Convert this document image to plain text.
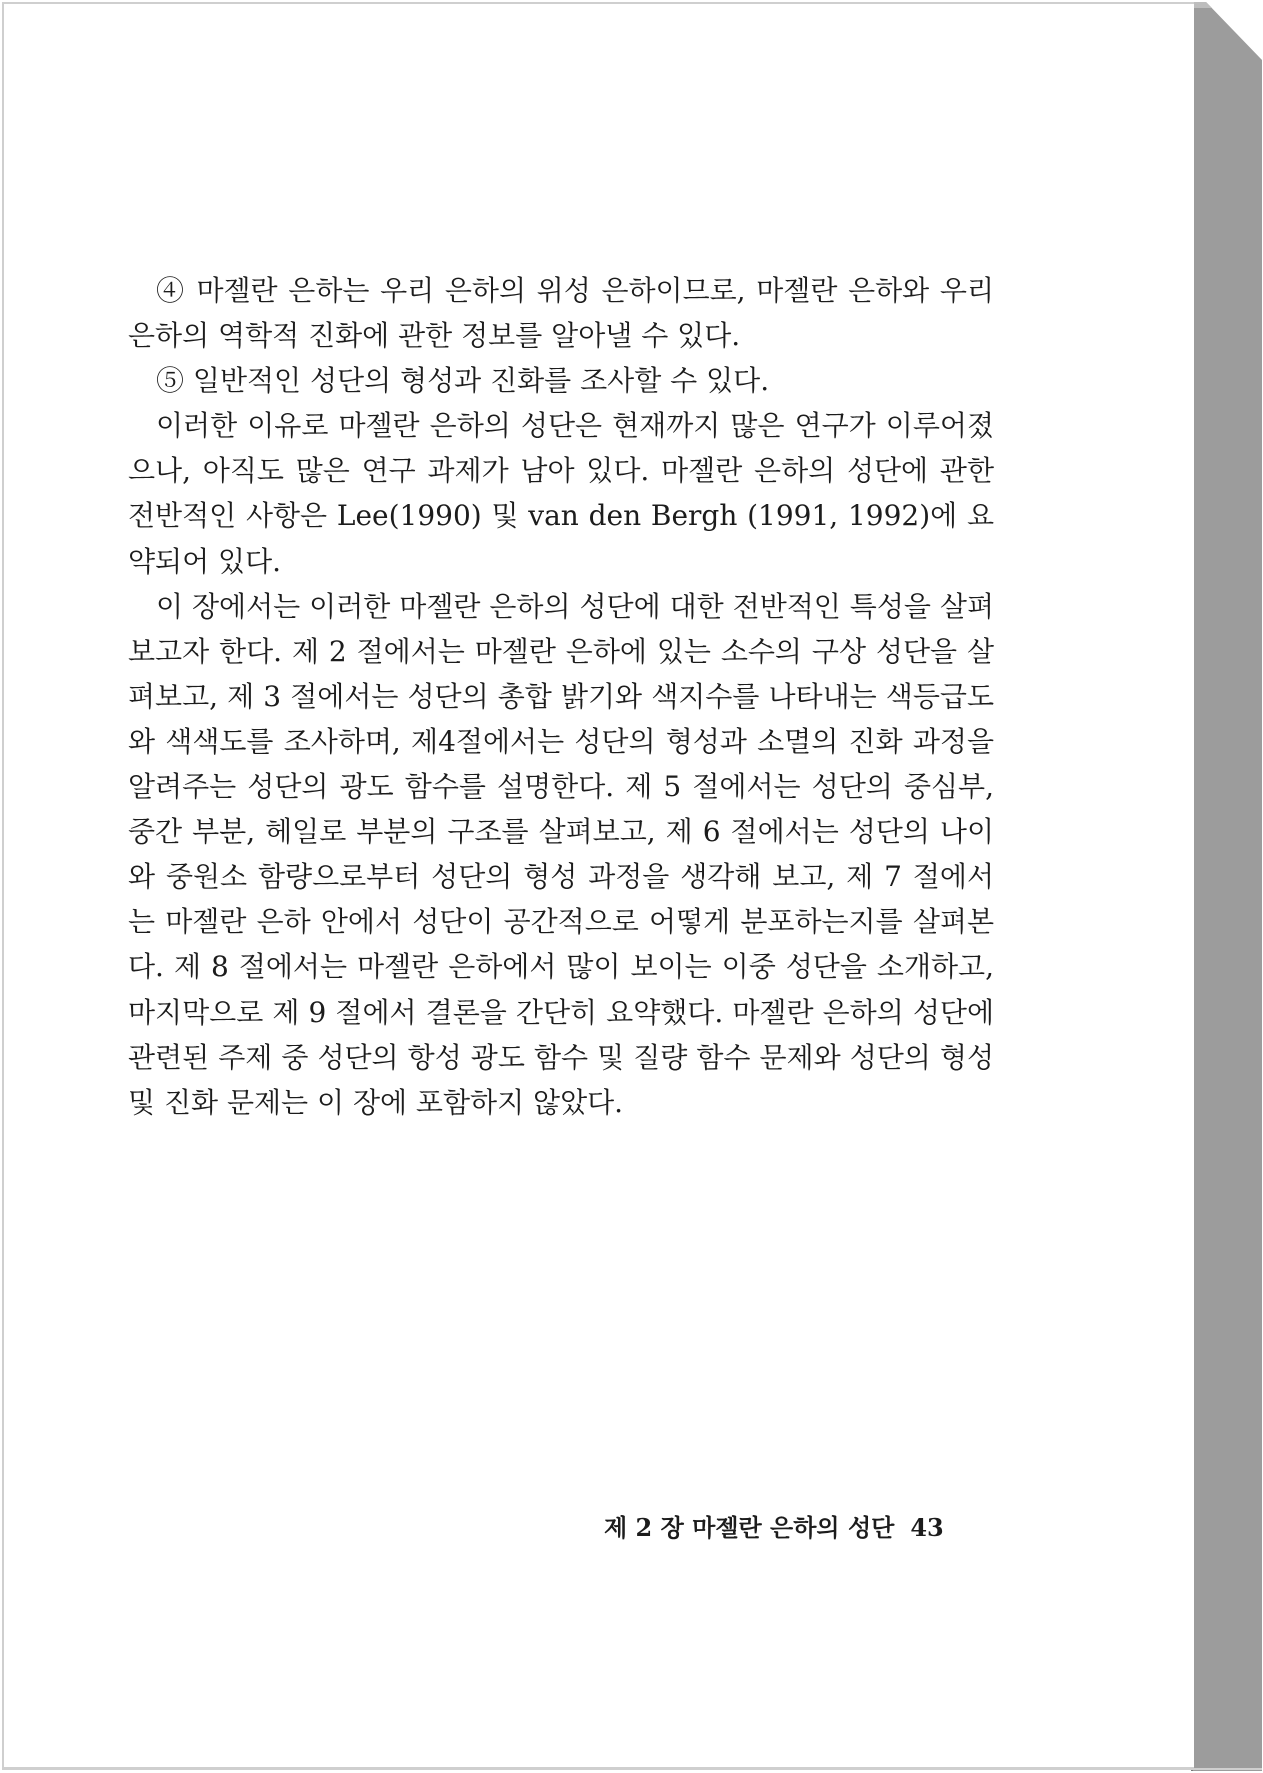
④ 마젤란 은하는 우리 은하의 위성 은하이므로, 마젤란 은하와 우리 은하의 역학적 진화에 관한 정보를 알아낼 수 있다.

⑤ 일반적인 성단의 형성과 진화를 조사할 수 있다.

이러한 이유로 마젤란 은하의 성단은 현재까지 많은 연구가 이루어졌으나, 아직도 많은 연구 과제가 남아 있다. 마젤란 은하의 성단에 관한 전반적인 사항은 Lee(1990) 및 van den Bergh (1991, 1992)에 요약되어 있다.

이 장에서는 이러한 마젤란 은하의 성단에 대한 전반적인 특성을 살펴보고자 한다. 제 2 절에서는 마젤란 은하에 있는 소수의 구상 성단을 살펴보고, 제 3 절에서는 성단의 총합 밝기와 색지수를 나타내는 색등급도와 색색도를 조사하며, 제4절에서는 성단의 형성과 소멸의 진화 과정을 알려주는 성단의 광도 함수를 설명한다. 제 5 절에서는 성단의 중심부, 중간 부분, 헤일로 부분의 구조를 살펴보고, 제 6 절에서는 성단의 나이와 중원소 함량으로부터 성단의 형성 과정을 생각해 보고, 제 7 절에서는 마젤란 은하 안에서 성단이 공간적으로 어떻게 분포하는지를 살펴본다. 제 8 절에서는 마젤란 은하에서 많이 보이는 이중 성단을 소개하고, 마지막으로 제 9 절에서 결론을 간단히 요약했다. 마젤란 은하의 성단에 관련된 주제 중 성단의 항성 광도 함수 및 질량 함수 문제와 성단의 형성 및 진화 문제는 이 장에 포함하지 않았다.

제 2 장 마젤란 은하의 성단 43
